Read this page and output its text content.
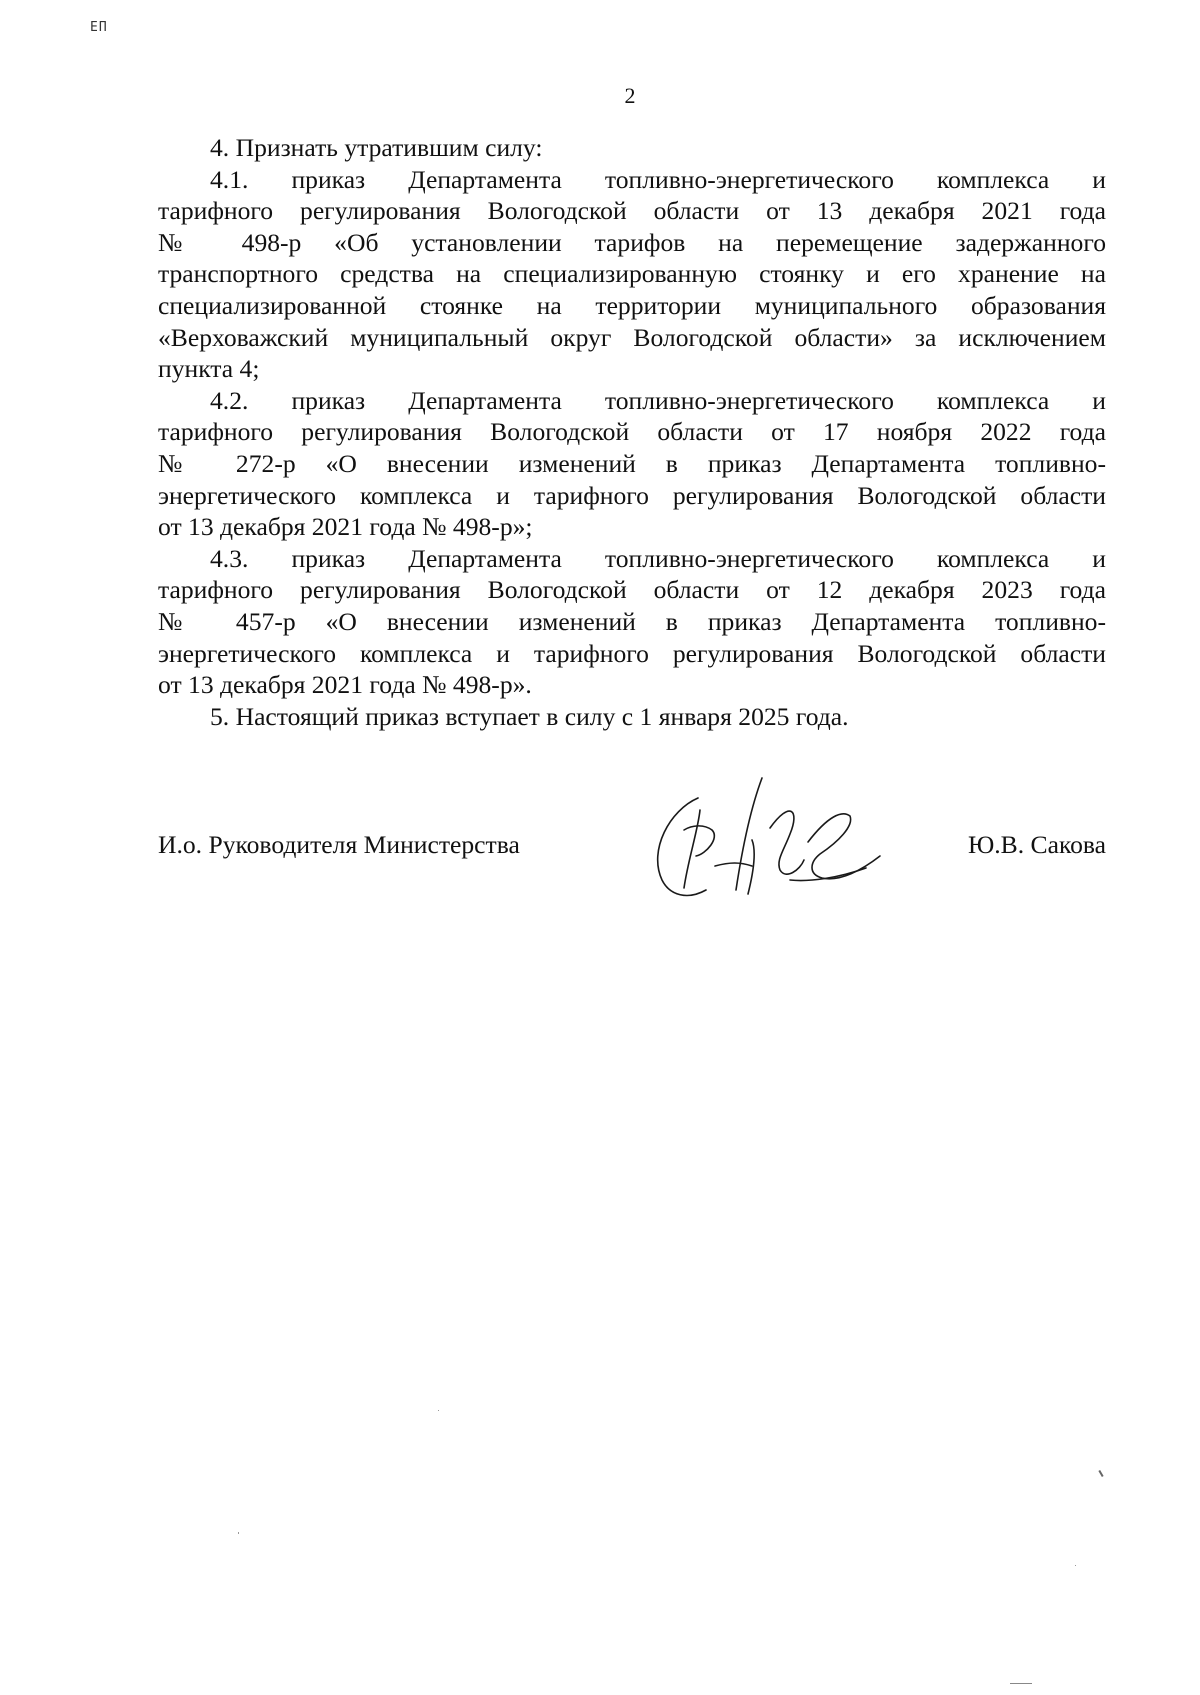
EП
2
4. Признать утратившим силу:
4.1. приказ Департамента топливно-энергетического комплекса и
тарифного регулирования Вологодской области от 13 декабря 2021 года
№ 498-р «Об установлении тарифов на перемещение задержанного
транспортного средства на специализированную стоянку и его хранение на
специализированной стоянке на территории муниципального образования
«Верховажский муниципальный округ Вологодской области» за исключением
пункта 4;
4.2. приказ Департамента топливно-энергетического комплекса и
тарифного регулирования Вологодской области от 17 ноября 2022 года
№ 272-р «О внесении изменений в приказ Департамента топливно-
энергетического комплекса и тарифного регулирования Вологодской области
от 13 декабря 2021 года № 498-р»;
4.3. приказ Департамента топливно-энергетического комплекса и
тарифного регулирования Вологодской области от 12 декабря 2023 года
№ 457-р «О внесении изменений в приказ Департамента топливно-
энергетического комплекса и тарифного регулирования Вологодской области
от 13 декабря 2021 года № 498-р».
5. Настоящий приказ вступает в силу с 1 января 2025 года.
И.о. Руководителя Министерства	Ю.В. Сакова
